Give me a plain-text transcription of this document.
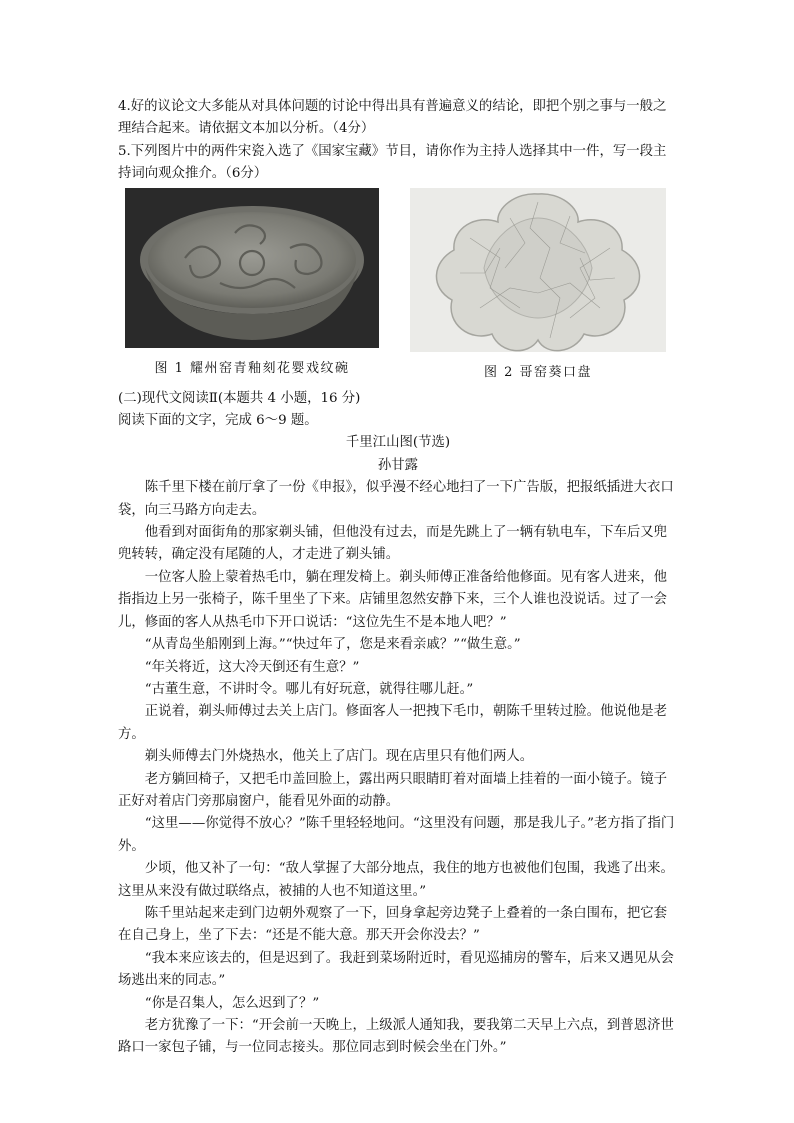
4.好的议论文大多能从对具体问题的讨论中得出具有普遍意义的结论，即把个别之事与一般之理结合起来。请依据文本加以分析。（4分）

5.下列图片中的两件宋瓷入选了《国家宝藏》节目，请你作为主持人选择其中一件，写一段主持词向观众推介。（6分）

图 1 耀州窑青釉刻花婴戏纹碗	图 2 哥窑葵口盘

(二)现代文阅读Ⅱ(本题共 4 小题，16 分)

阅读下面的文字，完成 6～9 题。

千里江山图(节选)

孙甘露

陈千里下楼在前厅拿了一份《申报》，似乎漫不经心地扫了一下广告版，把报纸插进大衣口袋，向三马路方向走去。

他看到对面街角的那家剃头铺，但他没有过去，而是先跳上了一辆有轨电车，下车后又兜兜转转，确定没有尾随的人，才走进了剃头铺。

一位客人脸上蒙着热毛巾，躺在理发椅上。剃头师傅正准备给他修面。见有客人进来，他指指边上另一张椅子，陈千里坐了下来。店铺里忽然安静下来，三个人谁也没说话。过了一会儿，修面的客人从热毛巾下开口说话：“这位先生不是本地人吧？”

“从青岛坐船刚到上海。”“快过年了，您是来看亲戚？”“做生意。”

“年关将近，这大冷天倒还有生意？”

“古董生意，不讲时令。哪儿有好玩意，就得往哪儿赶。”

正说着，剃头师傅过去关上店门。修面客人一把拽下毛巾，朝陈千里转过脸。他说他是老方。

剃头师傅去门外烧热水，他关上了店门。现在店里只有他们两人。

老方躺回椅子，又把毛巾盖回脸上，露出两只眼睛盯着对面墙上挂着的一面小镜子。镜子正好对着店门旁那扇窗户，能看见外面的动静。

“这里——你觉得不放心？”陈千里轻轻地问。“这里没有问题，那是我儿子。”老方指了指门外。

少顷，他又补了一句：“敌人掌握了大部分地点，我住的地方也被他们包围，我逃了出来。这里从来没有做过联络点，被捕的人也不知道这里。”

陈千里站起来走到门边朝外观察了一下，回身拿起旁边凳子上叠着的一条白围布，把它套在自己身上，坐了下去：“还是不能大意。那天开会你没去？”

“我本来应该去的，但是迟到了。我赶到菜场附近时，看见巡捕房的警车，后来又遇见从会场逃出来的同志。”

“你是召集人，怎么迟到了？”

老方犹豫了一下：“开会前一天晚上，上级派人通知我，要我第二天早上六点，到普恩济世路口一家包子铺，与一位同志接头。那位同志到时候会坐在门外。”
